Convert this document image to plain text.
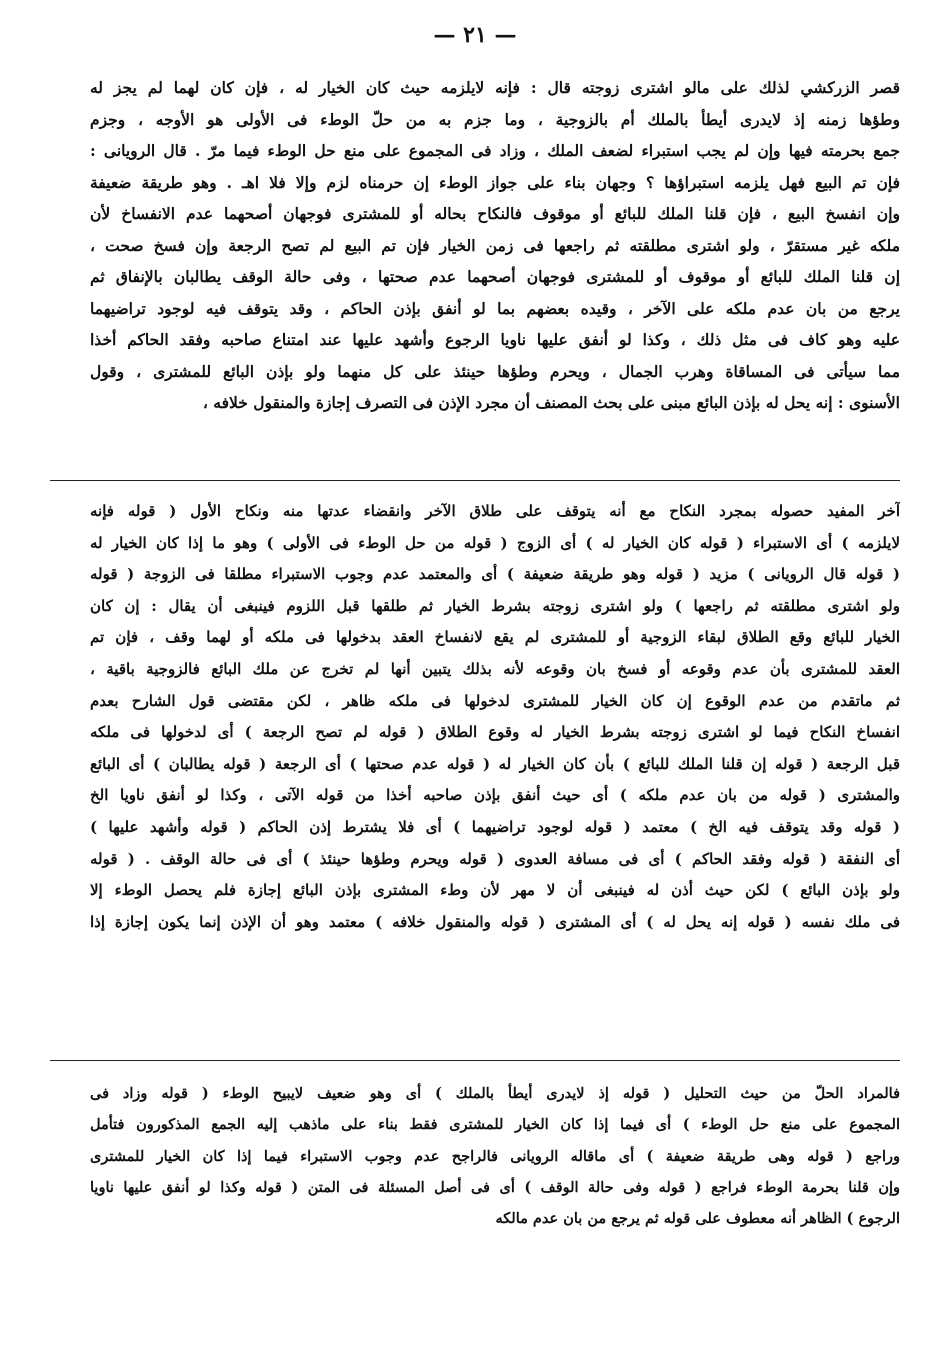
— ٢١ —
قصر الزركشي لذلك على مالو اشترى زوجته قال : فإنه لايلزمه حيث كان الخيار له ، فإن كان لهما لم يجز له
وطؤها زمنه إذ لايدرى أيطأ بالملك أم بالزوجية ، وما جزم به من حلّ الوطء فى الأولى هو الأوجه ، وجزم
جمع بحرمته فيها وإن لم يجب استبراء لضعف الملك ، وزاد فى المجموع على منع حل الوطء فيما مرّ . قال الرويانى :
فإن تم البيع فهل يلزمه استبراؤها ؟ وجهان بناء على جواز الوطء إن حرمناه لزم وإلا فلا اهـ . وهو طريقة ضعيفة
وإن انفسخ البيع ، فإن قلنا الملك للبائع أو موقوف فالنكاح بحاله أو للمشترى فوجهان أصحهما عدم الانفساخ لأن
ملكه غير مستقرّ ، ولو اشترى مطلقته ثم راجعها فى زمن الخيار فإن تم البيع لم تصح الرجعة وإن فسخ صحت ،
إن قلنا الملك للبائع أو موقوف أو للمشترى فوجهان أصحهما عدم صحتها ، وفى حالة الوقف يطالبان بالإنفاق ثم
يرجع من بان عدم ملكه على الآخر ، وقيده بعضهم بما لو أنفق بإذن الحاكم ، وقد يتوقف فيه لوجود تراضيهما
عليه وهو كاف فى مثل ذلك ، وكذا لو أنفق عليها ناويا الرجوع وأشهد عليها عند امتناع صاحبه وفقد الحاكم أخذا
مما سيأتى فى المساقاة وهرب الجمال ، ويحرم وطؤها حينئذ على كل منهما ولو بإذن البائع للمشترى ، وقول
الأسنوى : إنه يحل له بإذن البائع مبنى على بحث المصنف أن مجرد الإذن فى التصرف إجازة والمنقول خلافه ،
آخر المفيد حصوله بمجرد النكاح مع أنه يتوقف على طلاق الآخر وانقضاء عدتها منه ونكاح الأول ( قوله فإنه
لايلزمه ) أى الاستبراء ( قوله كان الخيار له ) أى الزوج ( قوله من حل الوطء فى الأولى ) وهو ما إذا كان الخيار له
( قوله قال الرويانى ) مزيد ( قوله وهو طريقة ضعيفة ) أى والمعتمد عدم وجوب الاستبراء مطلقا فى الزوجة ( قوله
ولو اشترى مطلقته ثم راجعها ) ولو اشترى زوجته بشرط الخيار ثم طلقها قبل اللزوم فينبغى أن يقال : إن كان
الخيار للبائع وقع الطلاق لبقاء الزوجية أو للمشترى لم يقع لانفساخ العقد بدخولها فى ملكه أو لهما وقف ، فإن تم
العقد للمشترى بأن عدم وقوعه أو فسخ بان وقوعه لأنه بذلك يتبين أنها لم تخرج عن ملك البائع فالزوجية باقية ،
ثم ماتقدم من عدم الوقوع إن كان الخيار للمشترى لدخولها فى ملكه ظاهر ، لكن مقتضى قول الشارح بعدم
انفساخ النكاح فيما لو اشترى زوجته بشرط الخيار له وقوع الطلاق ( قوله لم تصح الرجعة ) أى لدخولها فى ملكه
قبل الرجعة ( قوله إن قلنا الملك للبائع ) بأن كان الخيار له ( قوله عدم صحتها ) أى الرجعة ( قوله يطالبان ) أى البائع
والمشترى ( قوله من بان عدم ملكه ) أى حيث أنفق بإذن صاحبه أخذا من قوله الآتى ، وكذا لو أنفق ناويا الخ
( قوله وقد يتوقف فيه الخ ) معتمد ( قوله لوجود تراضيهما ) أى فلا يشترط إذن الحاكم ( قوله وأشهد عليها )
أى النفقة ( قوله وفقد الحاكم ) أى فى مسافة العدوى ( قوله ويحرم وطؤها حينئذ ) أى فى حالة الوقف . ( قوله
ولو بإذن البائع ) لكن حيث أذن له فينبغى أن لا مهر لأن وطء المشترى بإذن البائع إجازة فلم يحصل الوطء إلا
فى ملك نفسه ( قوله إنه يحل له ) أى المشترى ( قوله والمنقول خلافه ) معتمد وهو أن الإذن إنما يكون إجازة إذا
فالمراد الحلّ من حيث التحليل ( قوله إذ لايدرى أيطأ بالملك ) أى وهو ضعيف لايبيح الوطء ( قوله وزاد فى
المجموع على منع حل الوطء ) أى فيما إذا كان الخيار للمشترى فقط بناء على ماذهب إليه الجمع المذكورون فتأمل
وراجع ( قوله وهى طريقة ضعيفة ) أى ماقاله الرويانى فالراجح عدم وجوب الاستبراء فيما إذا كان الخيار للمشترى
وإن قلنا بحرمة الوطء فراجع ( قوله وفى حالة الوقف ) أى فى أصل المسئلة فى المتن ( قوله وكذا لو أنفق عليها ناويا
الرجوع ) الظاهر أنه معطوف على قوله ثم يرجع من بان عدم مالكه
